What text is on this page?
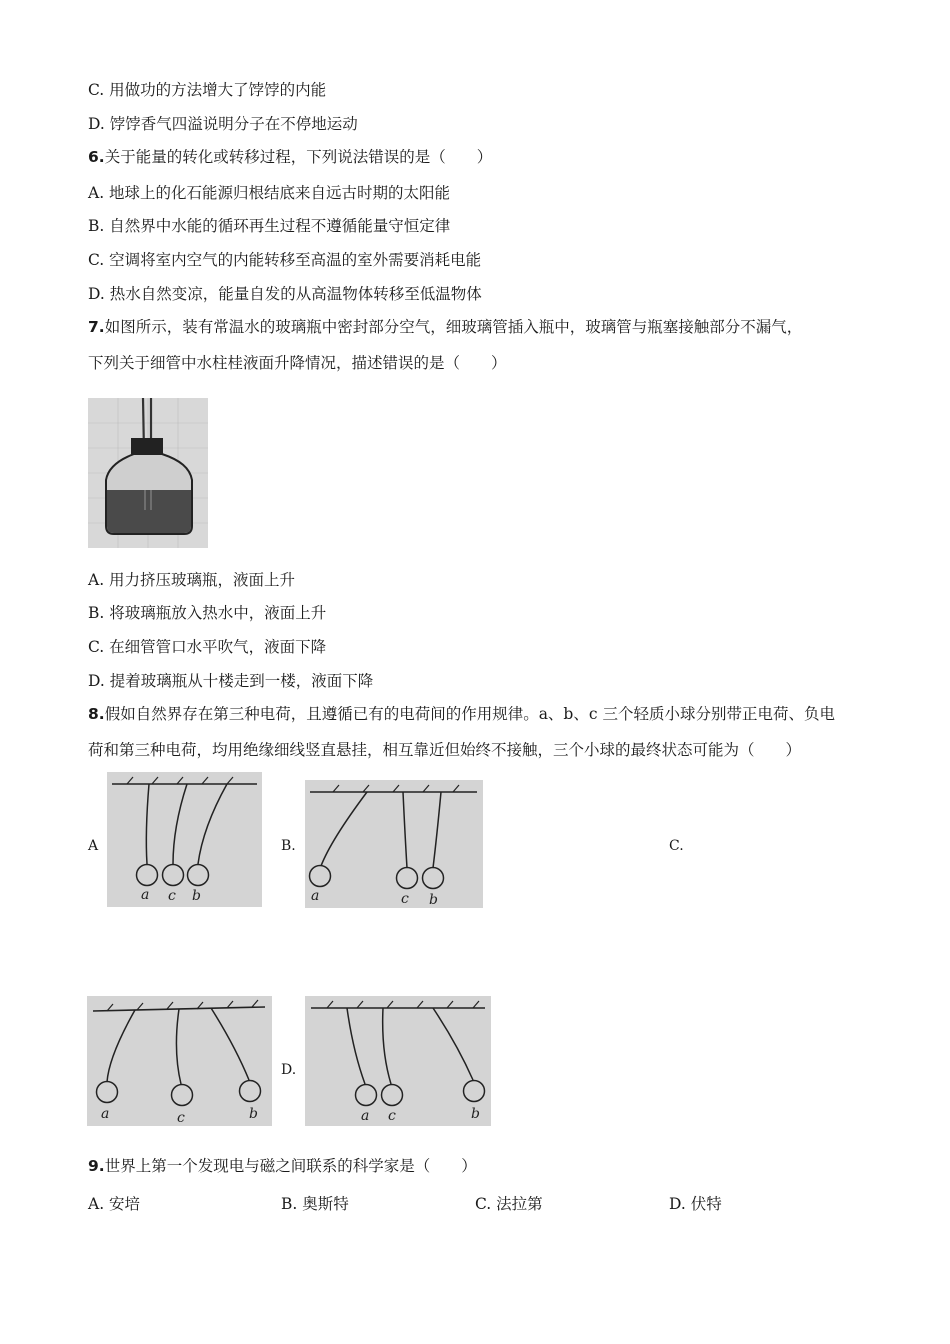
C. 用做功的方法增大了饽饽的内能
D. 饽饽香气四溢说明分子在不停地运动
6.关于能量的转化或转移过程，下列说法错误的是（　　）
A. 地球上的化石能源归根结底来自远古时期的太阳能
B. 自然界中水能的循环再生过程不遵循能量守恒定律
C. 空调将室内空气的内能转移至高温的室外需要消耗电能
D. 热水自然变凉，能量自发的从高温物体转移至低温物体
7.如图所示，装有常温水的玻璃瓶中密封部分空气，细玻璃管插入瓶中，玻璃管与瓶塞接触部分不漏气，
下列关于细管中水柱桂液面升降情况，描述错误的是（　　）
A. 用力挤压玻璃瓶，液面上升
B. 将玻璃瓶放入热水中，液面上升
C. 在细管管口水平吹气，液面下降
D. 提着玻璃瓶从十楼走到一楼，液面下降
8.假如自然界存在第三种电荷，且遵循已有的电荷间的作用规律。a、b、c 三个轻质小球分别带正电荷、负电
荷和第三种电荷，均用绝缘细线竖直悬挂，相互靠近但始终不接触，三个小球的最终状态可能为（　　）
A
a c b
B.
a	c b
C.
a	c	b
D.
a c	b
9.世界上第一个发现电与磁之间联系的科学家是（　　）
A. 安培	B. 奥斯特	C. 法拉第	D. 伏特
